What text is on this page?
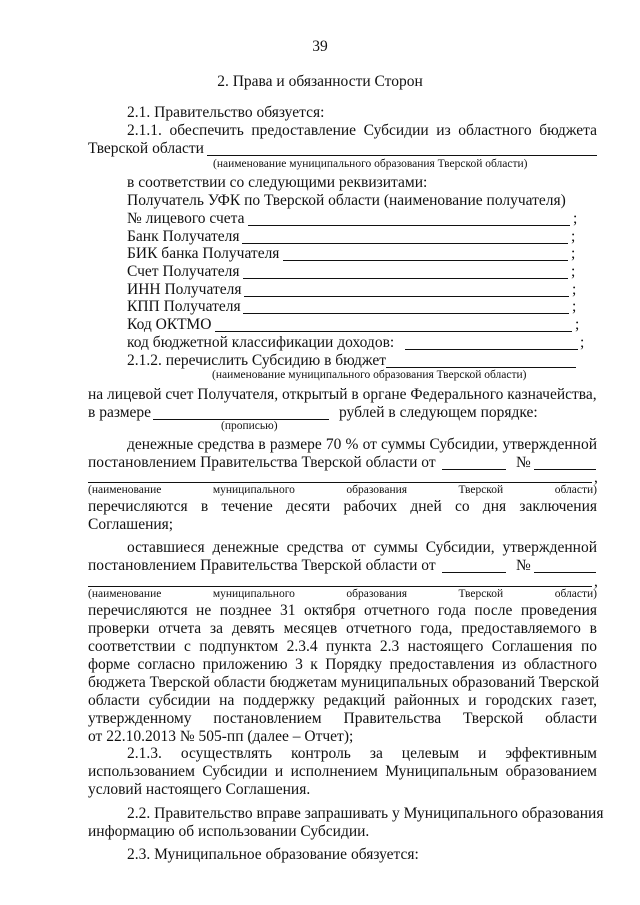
39
2. Права и обязанности Сторон
2.1. Правительство обязуется:
2.1.1. обеспечить предоставление Субсидии из областного бюджета
Тверской области
(наименование муниципального образования Тверской области)
в соответствии со следующими реквизитами:
Получатель УФК по Тверской области (наименование получателя)
№ лицевого счета	;
Банк Получателя	;
БИК банка Получателя	;
Счет Получателя	;
ИНН Получателя	;
КПП Получателя	;
Код ОКТМО	;
код бюджетной классификации доходов:	;
2.1.2. перечислить Субсидию в бюджет
(наименование муниципального образования Тверской области)
на лицевой счет Получателя, открытый в органе Федерального казначейства,
в размере	рублей в следующем порядке:
(прописью)
денежные средства в размере 70 % от суммы Субсидии, утвержденной
постановлением Правительства Тверской области от	№
,
(наименование	муниципального	образования	Тверской	области)
перечисляются в течение десяти рабочих дней со дня заключения
Соглашения;
оставшиеся денежные средства от суммы Субсидии, утвержденной
постановлением Правительства Тверской области от	№
,
(наименование	муниципального	образования	Тверской	области)
перечисляются не позднее 31 октября отчетного года после проведения
проверки отчета за девять месяцев отчетного года, предоставляемого в
соответствии с подпунктом 2.3.4 пункта 2.3 настоящего Соглашения по
форме согласно приложению 3 к Порядку предоставления из областного
бюджета Тверской области бюджетам муниципальных образований Тверской
области субсидии на поддержку редакций районных и городских газет,
утвержденному постановлением Правительства Тверской области
от 22.10.2013 № 505-пп (далее – Отчет);
2.1.3. осуществлять контроль за целевым и эффективным
использованием Субсидии и исполнением Муниципальным образованием
условий настоящего Соглашения.
2.2. Правительство вправе запрашивать у Муниципального образования
информацию об использовании Субсидии.
2.3. Муниципальное образование обязуется:
